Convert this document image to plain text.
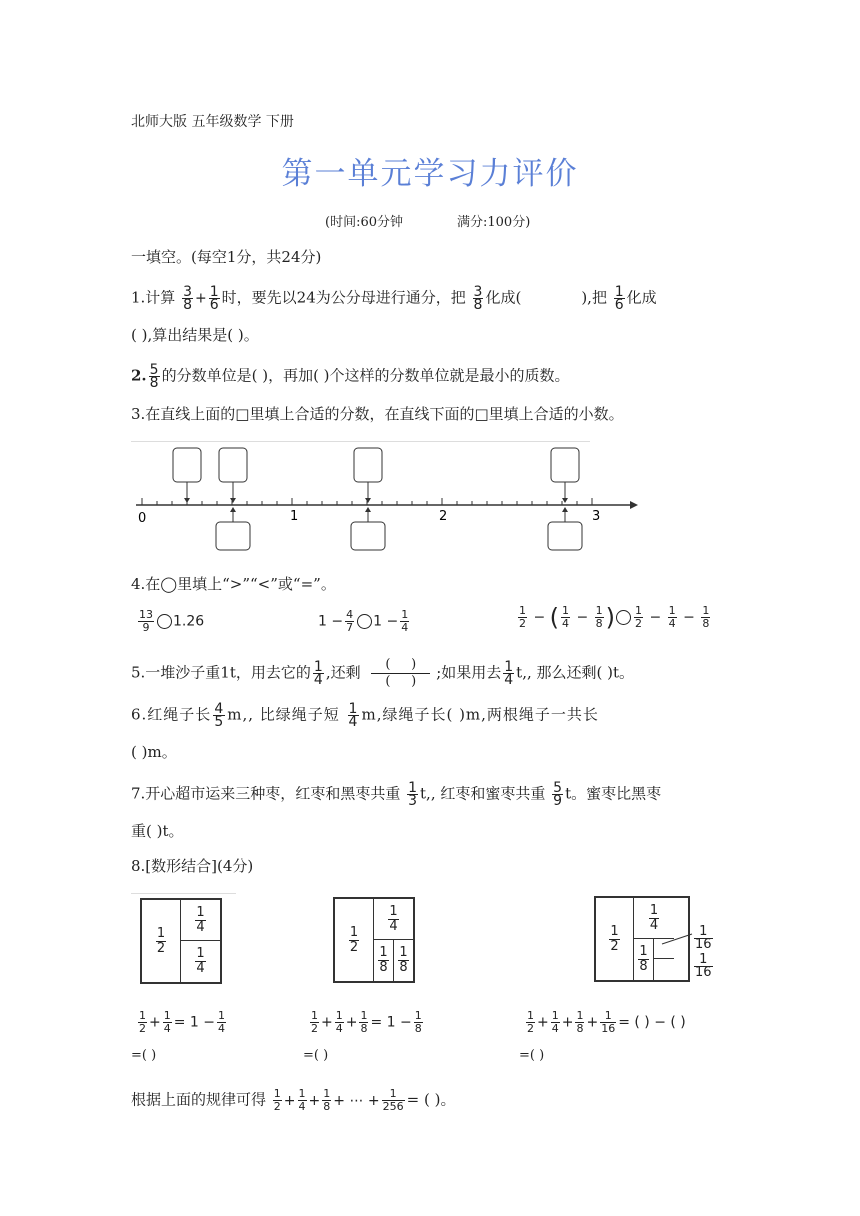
北师大版 五年级数学 下册
第一单元学习力评价
(时间:60分钟	满分:100分)
一填空。(每空1分，共24分)
1.计算 $\frac{3}{8} + \frac{1}{6}$ 时，要先以24为公分母进行通分，把 $\frac{3}{8}$ 化成(	),把 $\frac{1}{6}$ 化成
( ),算出结果是( )。
2. $\frac{5}{8}$ 的分数单位是( )，再加( )个这样的分数单位就是最小的质数。
3.在直线上面的□里填上合适的分数，在直线下面的□里填上合适的小数。
0	1	2	3
4.在◯里填上“>”“<”或“=”。
$\frac{13}{9} 1.26$	$1 - \frac{4}{7} 1 - \frac{1}{4}$	$\frac{1}{2}$ − ( $\frac{1}{4} - \frac{1}{8}$ ) $\frac{1}{2} - \frac{1}{4} - \frac{1}{8}$
5.一堆沙子重1t，用去它的 $\frac{1}{4}$ ,还剩 $\frac{( )}{( )}$ ;如果用去 $\frac{1}{4} t$,, 那么还剩( )t。
6.红绳子长 $\frac{4}{5} m$,, 比绿绳子短 $\frac{1}{4} m$,绿绳子长( )m,两根绳子一共长
( )m。
7.开心超市运来三种枣，红枣和黑枣共重 $\frac{1}{3} t$,, 红枣和蜜枣共重 $\frac{5}{9}$ t。蜜枣比黑枣
重( )t。
8.[数形结合](4分)
$\frac{1}{2}$
$\frac{1}{4}$
$\frac{1}{4}$
$\frac{1}{2}$
$\frac{1}{4}$
$\frac{1}{8} \frac{1}{8}$
$\frac{1}{2}$
$\frac{1}{4}$
$\frac{1}{8}$
$\frac{1}{16}$
$\frac{1}{16}$
$\frac{1}{2} + \frac{1}{4} = 1 - \frac{1}{4}$
=( )
$\frac{1}{2} + \frac{1}{4} + \frac{1}{8} = 1 - \frac{1}{8}$
=( )
$\frac{1}{2} + \frac{1}{4} + \frac{1}{8} + \frac{1}{16}$ = ( ) − ( )
=( )
根据上面的规律可得 $\frac{1}{2} + \frac{1}{4} + \frac{1}{8}$ + ⋯ + $\frac{1}{256}$ = ( )。
